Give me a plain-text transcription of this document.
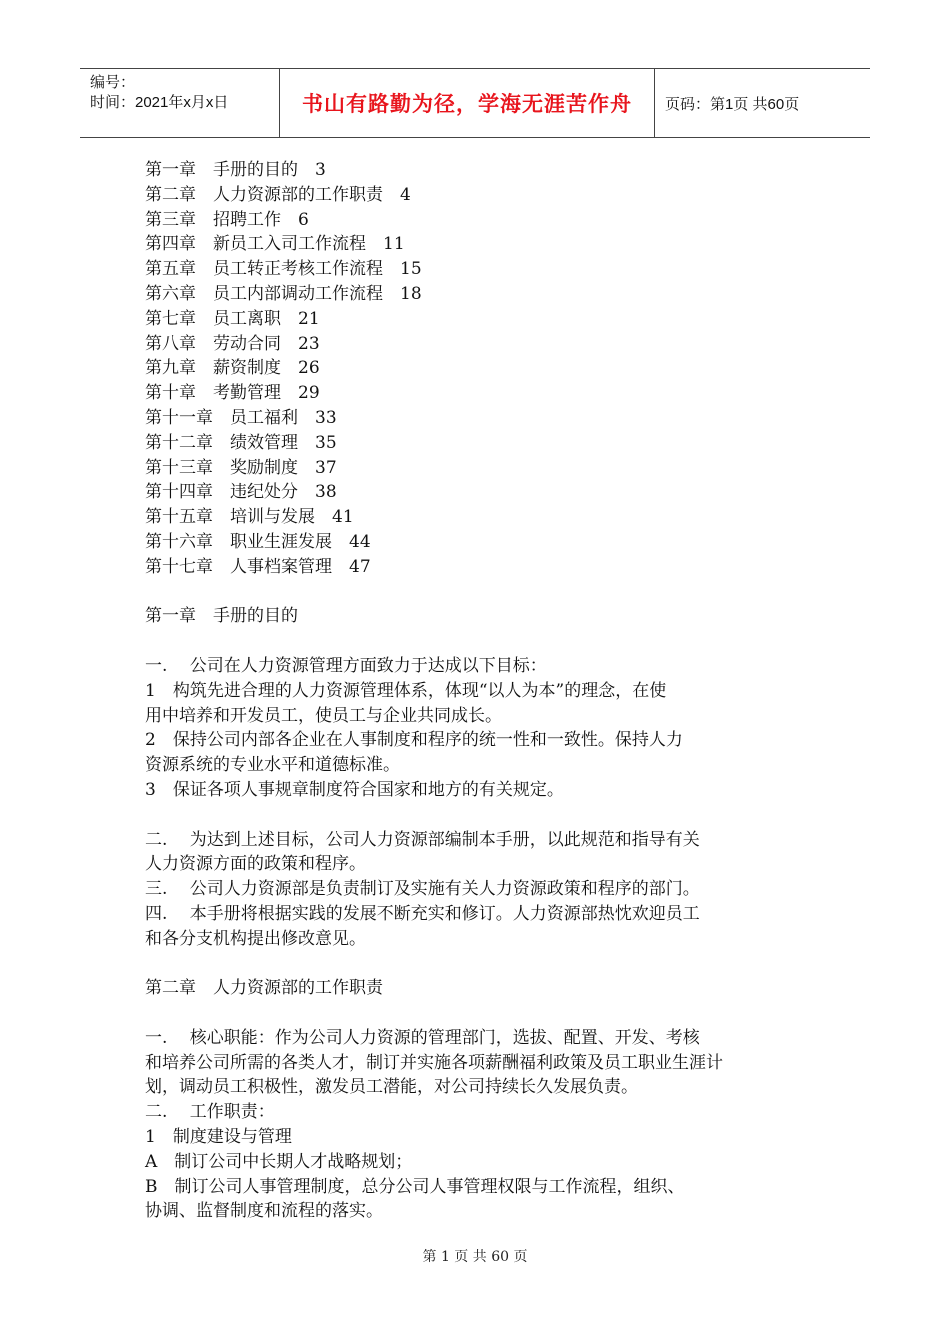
编号：
时间：2021年x月x日	书山有路勤为径，学海无涯苦作舟	页码：第1页 共60页
第一章　手册的目的　3
第二章　人力资源部的工作职责　4
第三章　招聘工作　6
第四章　新员工入司工作流程　11
第五章　员工转正考核工作流程　15
第六章　员工内部调动工作流程　18
第七章　员工离职　21
第八章　劳动合同　23
第九章　薪资制度　26
第十章　考勤管理　29
第十一章　员工福利　33
第十二章　绩效管理　35
第十三章　奖励制度　37
第十四章　违纪处分　38
第十五章　培训与发展　41
第十六章　职业生涯发展　44
第十七章　人事档案管理　47
第一章　手册的目的
一.　 公司在人力资源管理方面致力于达成以下目标：
1　构筑先进合理的人力资源管理体系，体现“以人为本”的理念，在使
用中培养和开发员工，使员工与企业共同成长。
2　保持公司内部各企业在人事制度和程序的统一性和一致性。保持人力
资源系统的专业水平和道德标准。
3　保证各项人事规章制度符合国家和地方的有关规定。
二.　 为达到上述目标，公司人力资源部编制本手册，以此规范和指导有关
人力资源方面的政策和程序。
三.　 公司人力资源部是负责制订及实施有关人力资源政策和程序的部门。
四.　 本手册将根据实践的发展不断充实和修订。人力资源部热忱欢迎员工
和各分支机构提出修改意见。
第二章　人力资源部的工作职责
一.　 核心职能：作为公司人力资源的管理部门，选拔、配置、开发、考核
和培养公司所需的各类人才，制订并实施各项薪酬福利政策及员工职业生涯计
划，调动员工积极性，激发员工潜能，对公司持续长久发展负责。
二.　 工作职责：
1　制度建设与管理
A　制订公司中长期人才战略规划；
B　制订公司人事管理制度，总分公司人事管理权限与工作流程，组织、
协调、监督制度和流程的落实。
第 1 页 共 60 页
